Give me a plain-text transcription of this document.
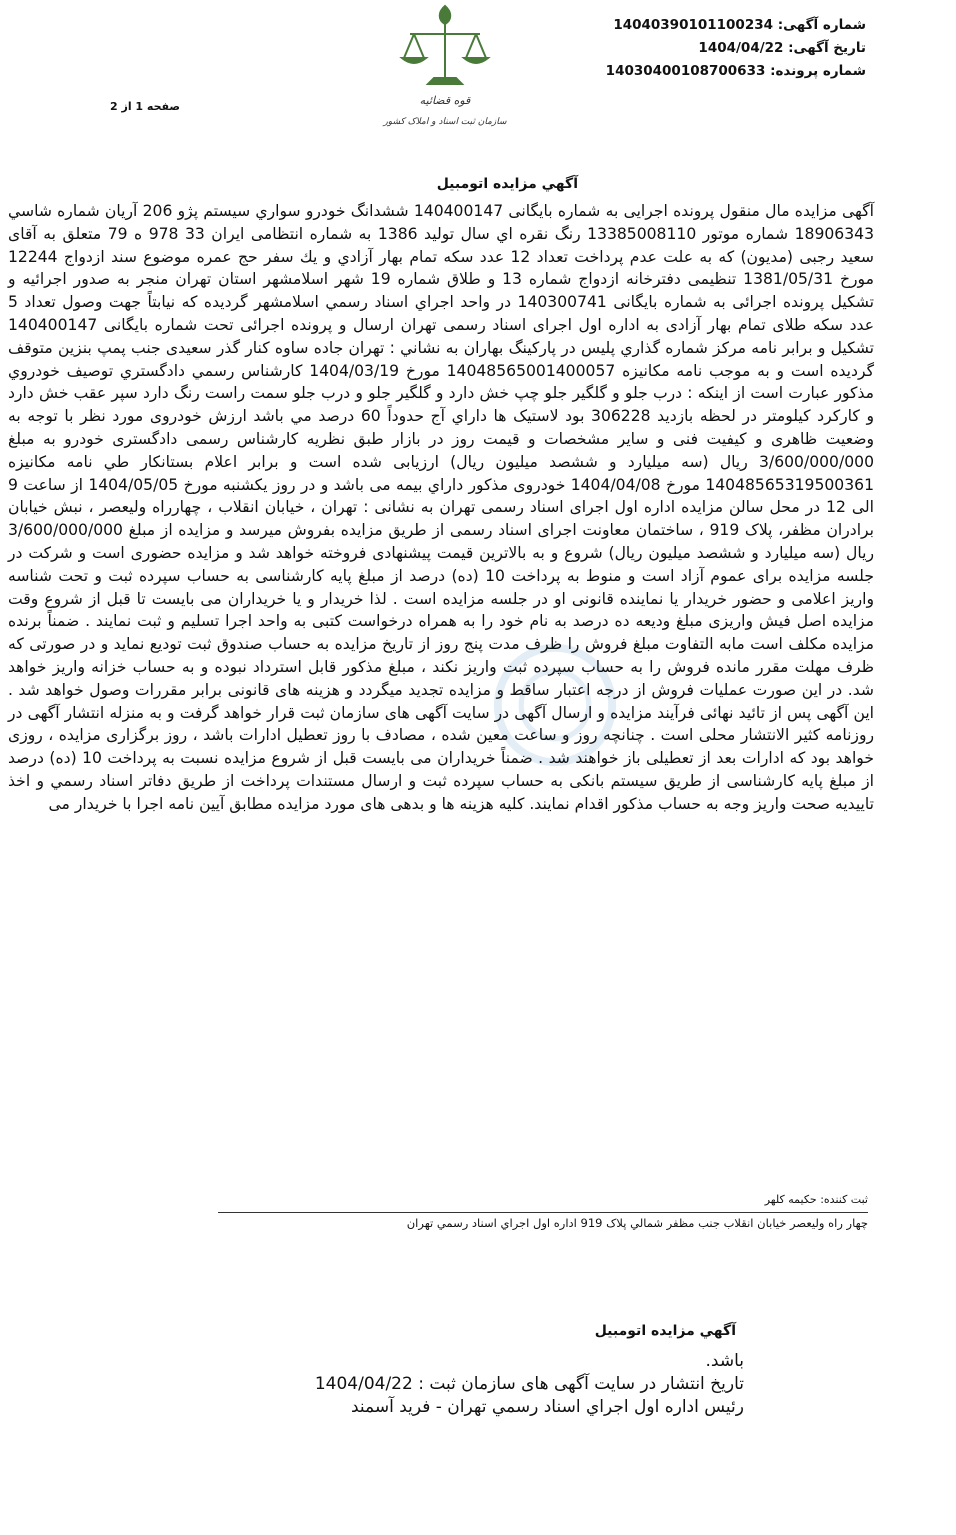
شماره آگهی: 14040390101100234
تاریخ آگهی: 1404/04/22
شماره پرونده: 14030400108700633
قوه قضائیه
سازمان ثبت اسناد و املاک کشور
صفحه 1 از 2
آگهي مزايده اتومبيل
آگهی مزایده مال منقول پرونده اجرایی به شماره بایگانی 140400147 ششدانگ خودرو سواري سيستم پژو 206 آريان شماره شاسي 18906343 شماره موتور 13385008110 رنگ نقره اي سال توليد 1386 به شماره انتظامی ایران 33 978 ه 79 متعلق به آقای سعید رجبی (مدیون) که به علت عدم پرداخت تعداد 12 عدد سکه تمام بهار آزادي و يك سفر حج عمره موضوع سند ازدواج 12244 مورخ 1381/05/31 تنظیمی دفترخانه ازدواج شماره 13 و طلاق شماره 19 شهر اسلامشهر استان تهران منجر به صدور اجرائیه و تشکیل پرونده اجرائی به شماره بایگانی 140300741 در واحد اجراي اسناد رسمي اسلامشهر گرديده که نيابتاً جهت وصول تعداد 5 عدد سکه طلای تمام بهار آزادی به اداره اول اجرای اسناد رسمی تهران ارسال و پرونده اجرائی تحت شماره بایگانی 140400147 تشکیل و برابر نامه مرکز شماره گذاري پليس در پارکینگ بهاران به نشاني : تهران جاده ساوه کنار گذر سعیدی جنب پمپ بنزین متوقف گرديده است و به موجب نامه مکانیزه 14048565001400057 مورخ 1404/03/19 کارشناس رسمي دادگستري توصيف خودروي مذكور عبارت است از اينكه : درب جلو و گلگیر جلو چپ خش دارد و گلگیر جلو و درب جلو سمت راست رنگ دارد سپر عقب خش دارد و کارکرد کیلومتر در لحظه بازدید 306228 بود لاستيک ها داراي آج حدوداً 60 درصد مي باشد ارزش خودروی مورد نظر با توجه به وضعیت ظاهری و کیفیت فنی و سایر مشخصات و قیمت روز در بازار طبق نظریه کارشناس رسمی دادگستری خودرو به مبلغ 3/600/000/000 ريال (سه ميليارد و ششصد ميليون ريال) ارزیابی شده است و برابر اعلام بستانکار طي نامه مکانیزه 14048565319500361 مورخ 1404/04/08 خودروی مذکور داراي بیمه می باشد و در روز يکشنبه مورخ 1404/05/05 از ساعت 9 الی 12 در محل سالن مزایده اداره اول اجرای اسناد رسمی تهران به نشانی : تهران ، خیابان انقلاب ، چهارراه ولیعصر ، نبش خیابان برادران مظفر، پلاک 919 ، ساختمان معاونت اجرای اسناد رسمی از طریق مزایده بفروش میرسد و مزایده از مبلغ 3/600/000/000 ریال (سه میلیارد و ششصد میلیون ریال) شروع و به بالاترين قيمت پيشنهادی فروخته خواهد شد و مزایده حضوری است و شرکت در جلسه مزایده برای عموم آزاد است و منوط به پرداخت 10 (ده) درصد از مبلغ پایه کارشناسی به حساب سپرده ثبت و تحت شناسه واریز اعلامی و حضور خریدار یا نماینده قانونی او در جلسه مزایده است . لذا خریدار و یا خریداران می بایست تا قبل از شروع وقت مزایده اصل فیش واریزی مبلغ ودیعه ده درصد به نام خود را به همراه درخواست کتبی به واحد اجرا تسليم و ثبت نمايند . ضمناً برنده مزايده مکلف است مابه التفاوت مبلغ فروش را ظرف مدت پنج روز از تاريخ مزايده به حساب صندوق ثبت توديع نمايد و در صورتی که ظرف مهلت مقرر مانده فروش را به حساب سپرده ثبت واریز نکند ، مبلغ مذکور قابل استرداد نبوده و به حساب خزانه واريز خواهد شد. در اين صورت عمليات فروش از درجه اعتبار ساقط و مزايده تجديد ميگردد و هزينه های قانونی برابر مقررات وصول خواهد شد . اين آگهی پس از تائيد نهائی فرآيند مزايده و ارسال آگهی در سايت آگهی های سازمان ثبت قرار خواهد گرفت و به منزله انتشار آگهی در روزنامه کثير الانتشار محلی است . چنانچه روز و ساعت معين شده ، مصادف با روز تعطيل ادارات باشد ، روز برگزاری مزايده ، روزی خواهد بود که ادارات بعد از تعطيلی باز خواهند شد . ضمناً خريداران می بايست قبل از شروع مزايده نسبت به پرداخت 10 (ده) درصد از مبلغ پايه كارشناسی از طريق سيستم بانکی به حساب سپرده ثبت و ارسال مستندات پرداخت از طريق دفاتر اسناد رسمي و اخذ تاييديه صحت واريز وجه به حساب مذکور اقدام نمايند. كليه هزينه ها و بدهی های مورد مزايده مطابق آيين نامه اجرا با خريدار می
ثبت كننده: حکیمه کلهر
چهار راه وليعصر خيابان انقلاب جنب مظفر شمالي پلاک 919 اداره اول اجراي اسناد رسمي تهران
آگهي مزايده اتومبيل
باشد.
تاریخ انتشار در سایت آگهی های سازمان ثبت : 1404/04/22
رئیس اداره اول اجراي اسناد رسمي تهران - فرید آسمند
